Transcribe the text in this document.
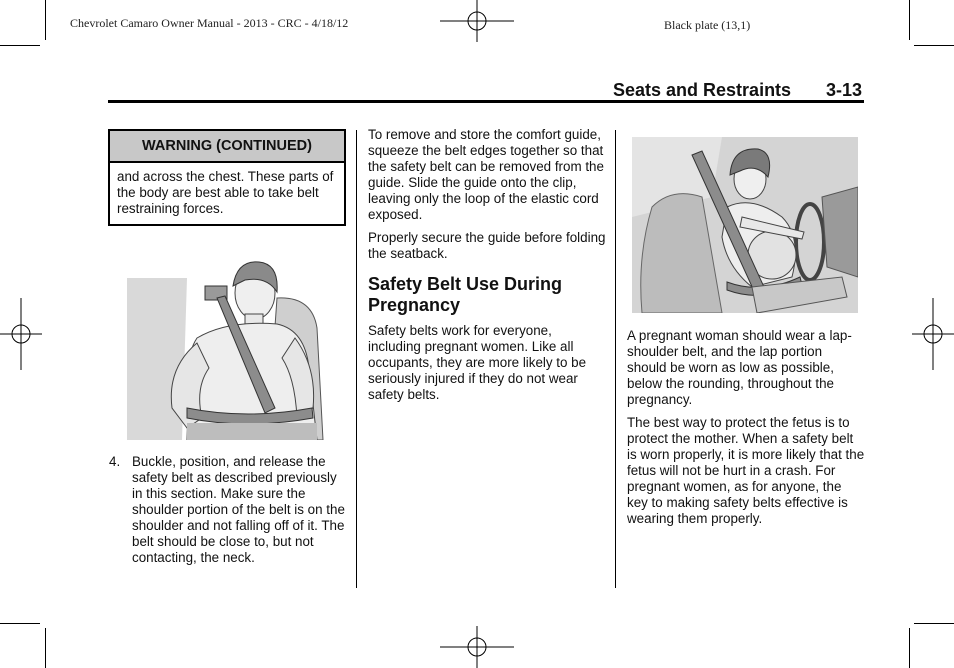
Chevrolet Camaro Owner Manual - 2013 - CRC - 4/18/12	Black plate (13,1)
Seats and Restraints 3-13
WARNING (CONTINUED)
and across the chest. These parts of the body are best able to take belt restraining forces.
4. Buckle, position, and release the safety belt as described previously in this section. Make sure the shoulder portion of the belt is on the shoulder and not falling off of it. The belt should be close to, but not contacting, the neck.

To remove and store the comfort guide, squeeze the belt edges together so that the safety belt can be removed from the guide. Slide the guide onto the clip, leaving only the loop of the elastic cord exposed.

Properly secure the guide before folding the seatback.

Safety Belt Use During Pregnancy

Safety belts work for everyone, including pregnant women. Like all occupants, they are more likely to be seriously injured if they do not wear safety belts.

A pregnant woman should wear a lap-shoulder belt, and the lap portion should be worn as low as possible, below the rounding, throughout the pregnancy.

The best way to protect the fetus is to protect the mother. When a safety belt is worn properly, it is more likely that the fetus will not be hurt in a crash. For pregnant women, as for anyone, the key to making safety belts effective is wearing them properly.
